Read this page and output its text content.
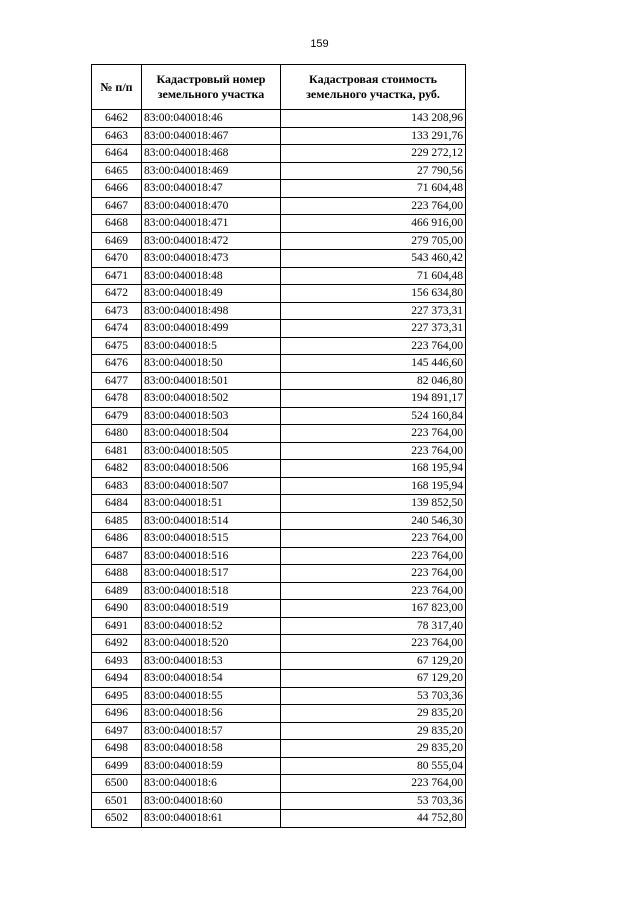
159
№ п/п	Кадастровый номер земельного участка	Кадастровая стоимость земельного участка, руб.
6462	83:00:040018:46	143 208,96
6463	83:00:040018:467	133 291,76
6464	83:00:040018:468	229 272,12
6465	83:00:040018:469	27 790,56
6466	83:00:040018:47	71 604,48
6467	83:00:040018:470	223 764,00
6468	83:00:040018:471	466 916,00
6469	83:00:040018:472	279 705,00
6470	83:00:040018:473	543 460,42
6471	83:00:040018:48	71 604,48
6472	83:00:040018:49	156 634,80
6473	83:00:040018:498	227 373,31
6474	83:00:040018:499	227 373,31
6475	83:00:040018:5	223 764,00
6476	83:00:040018:50	145 446,60
6477	83:00:040018:501	82 046,80
6478	83:00:040018:502	194 891,17
6479	83:00:040018:503	524 160,84
6480	83:00:040018:504	223 764,00
6481	83:00:040018:505	223 764,00
6482	83:00:040018:506	168 195,94
6483	83:00:040018:507	168 195,94
6484	83:00:040018:51	139 852,50
6485	83:00:040018:514	240 546,30
6486	83:00:040018:515	223 764,00
6487	83:00:040018:516	223 764,00
6488	83:00:040018:517	223 764,00
6489	83:00:040018:518	223 764,00
6490	83:00:040018:519	167 823,00
6491	83:00:040018:52	78 317,40
6492	83:00:040018:520	223 764,00
6493	83:00:040018:53	67 129,20
6494	83:00:040018:54	67 129,20
6495	83:00:040018:55	53 703,36
6496	83:00:040018:56	29 835,20
6497	83:00:040018:57	29 835,20
6498	83:00:040018:58	29 835,20
6499	83:00:040018:59	80 555,04
6500	83:00:040018:6	223 764,00
6501	83:00:040018:60	53 703,36
6502	83:00:040018:61	44 752,80
